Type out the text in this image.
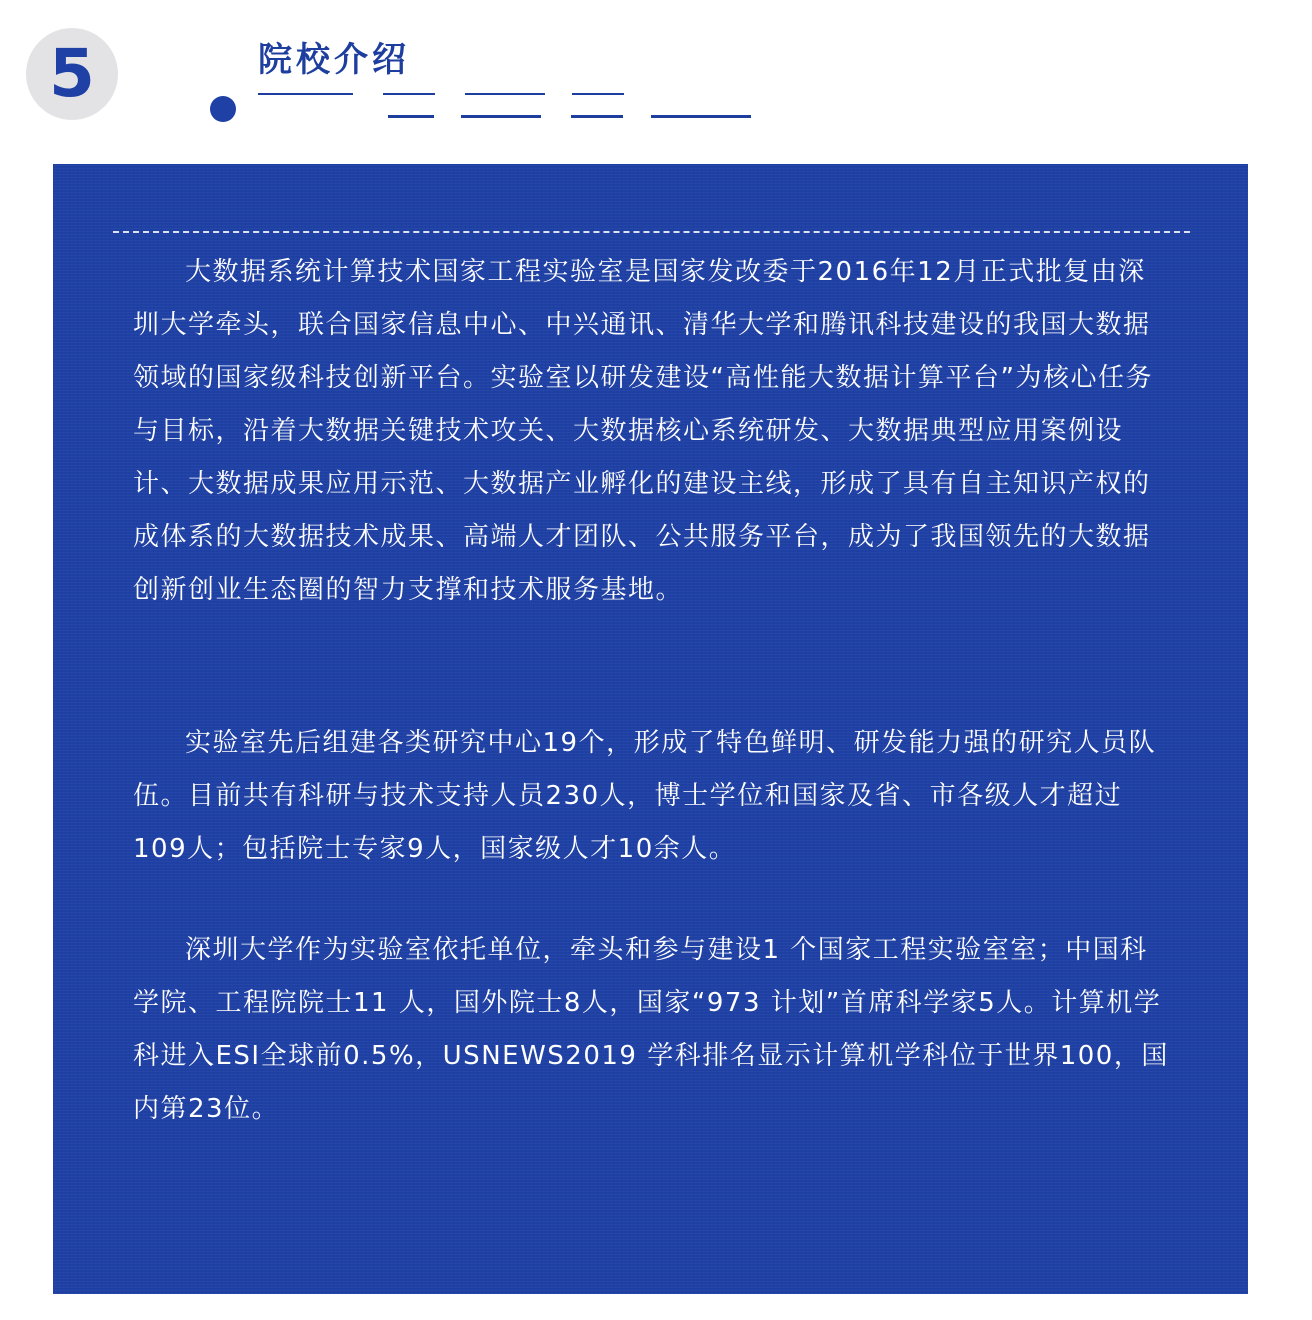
5	院校介绍

大数据系统计算技术国家工程实验室是国家发改委于2016年12月正式批复由深圳大学牵头，联合国家信息中心、中兴通讯、清华大学和腾讯科技建设的我国大数据领域的国家级科技创新平台。实验室以研发建设“高性能大数据计算平台”为核心任务与目标，沿着大数据关键技术攻关、大数据核心系统研发、大数据典型应用案例设计、大数据成果应用示范、大数据产业孵化的建设主线，形成了具有自主知识产权的成体系的大数据技术成果、高端人才团队、公共服务平台，成为了我国领先的大数据创新创业生态圈的智力支撑和技术服务基地。

实验室先后组建各类研究中心19个，形成了特色鲜明、研发能力强的研究人员队伍。目前共有科研与技术支持人员230人，博士学位和国家及省、市各级人才超过109人；包括院士专家9人，国家级人才10余人。

深圳大学作为实验室依托单位，牵头和参与建设1 个国家工程实验室室；中国科学院、工程院院士11 人，国外院士8人，国家“973 计划”首席科学家5人。计算机学科进入ESI全球前0.5%，USNEWS2019 学科排名显示计算机学科位于世界100，国内第23位。
